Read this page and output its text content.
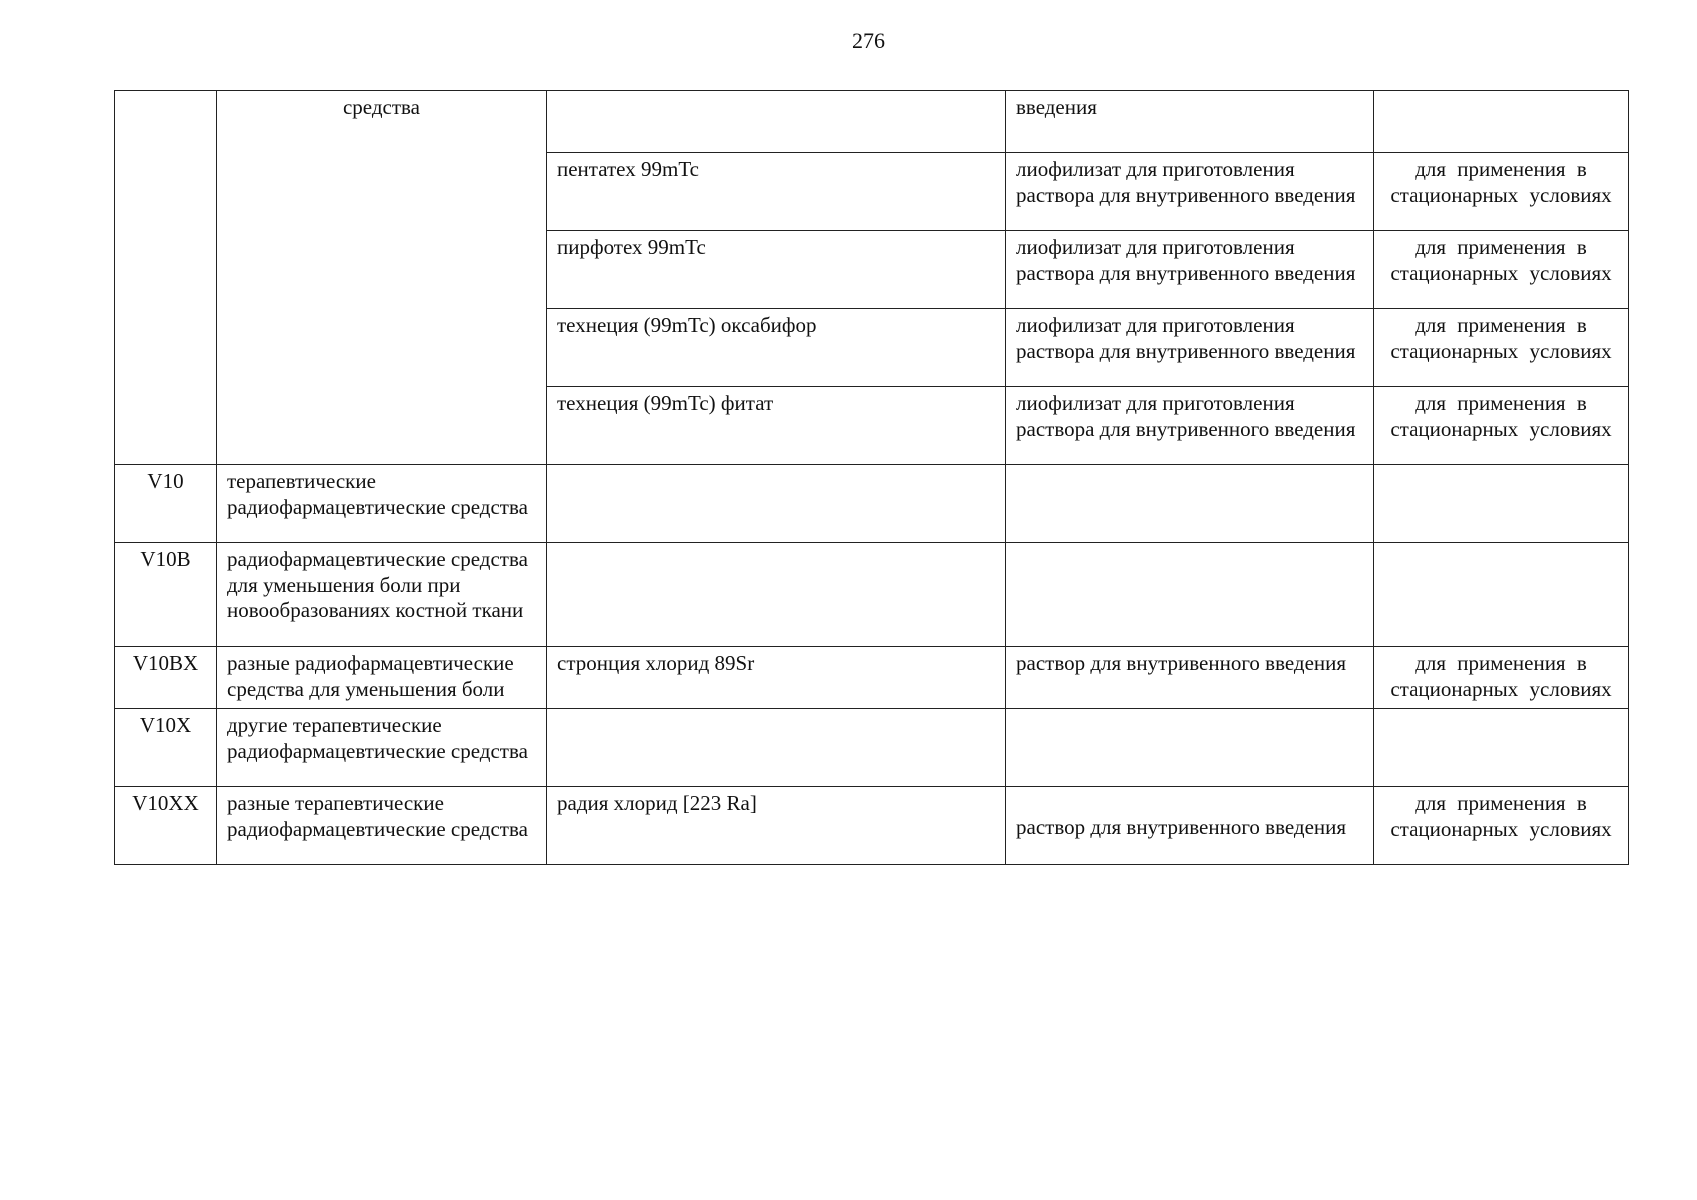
276
	средства		введения	
		пентатех 99mTc	лиофилизат для приготовления раствора для внутривенного введения	для применения в стационарных условиях
		пирфотех 99mTc	лиофилизат для приготовления раствора для внутривенного введения	для применения в стационарных условиях
		технеция (99mTc) оксабифор	лиофилизат для приготовления раствора для внутривенного введения	для применения в стационарных условиях
		технеция (99mTc) фитат	лиофилизат для приготовления раствора для внутривенного введения	для применения в стационарных условиях
V10	терапевтические радиофармацевтические средства			
V10B	радиофармацевтические средства для уменьшения боли при новообразованиях костной ткани			
V10BX	разные радиофармацевтические средства для уменьшения боли	стронция хлорид 89Sr	раствор для внутривенного введения	для применения в стационарных условиях
V10X	другие терапевтические радиофармацевтические средства			
V10XX	разные терапевтические радиофармацевтические средства	радия хлорид [223 Ra]	раствор для внутривенного введения	для применения в стационарных условиях
